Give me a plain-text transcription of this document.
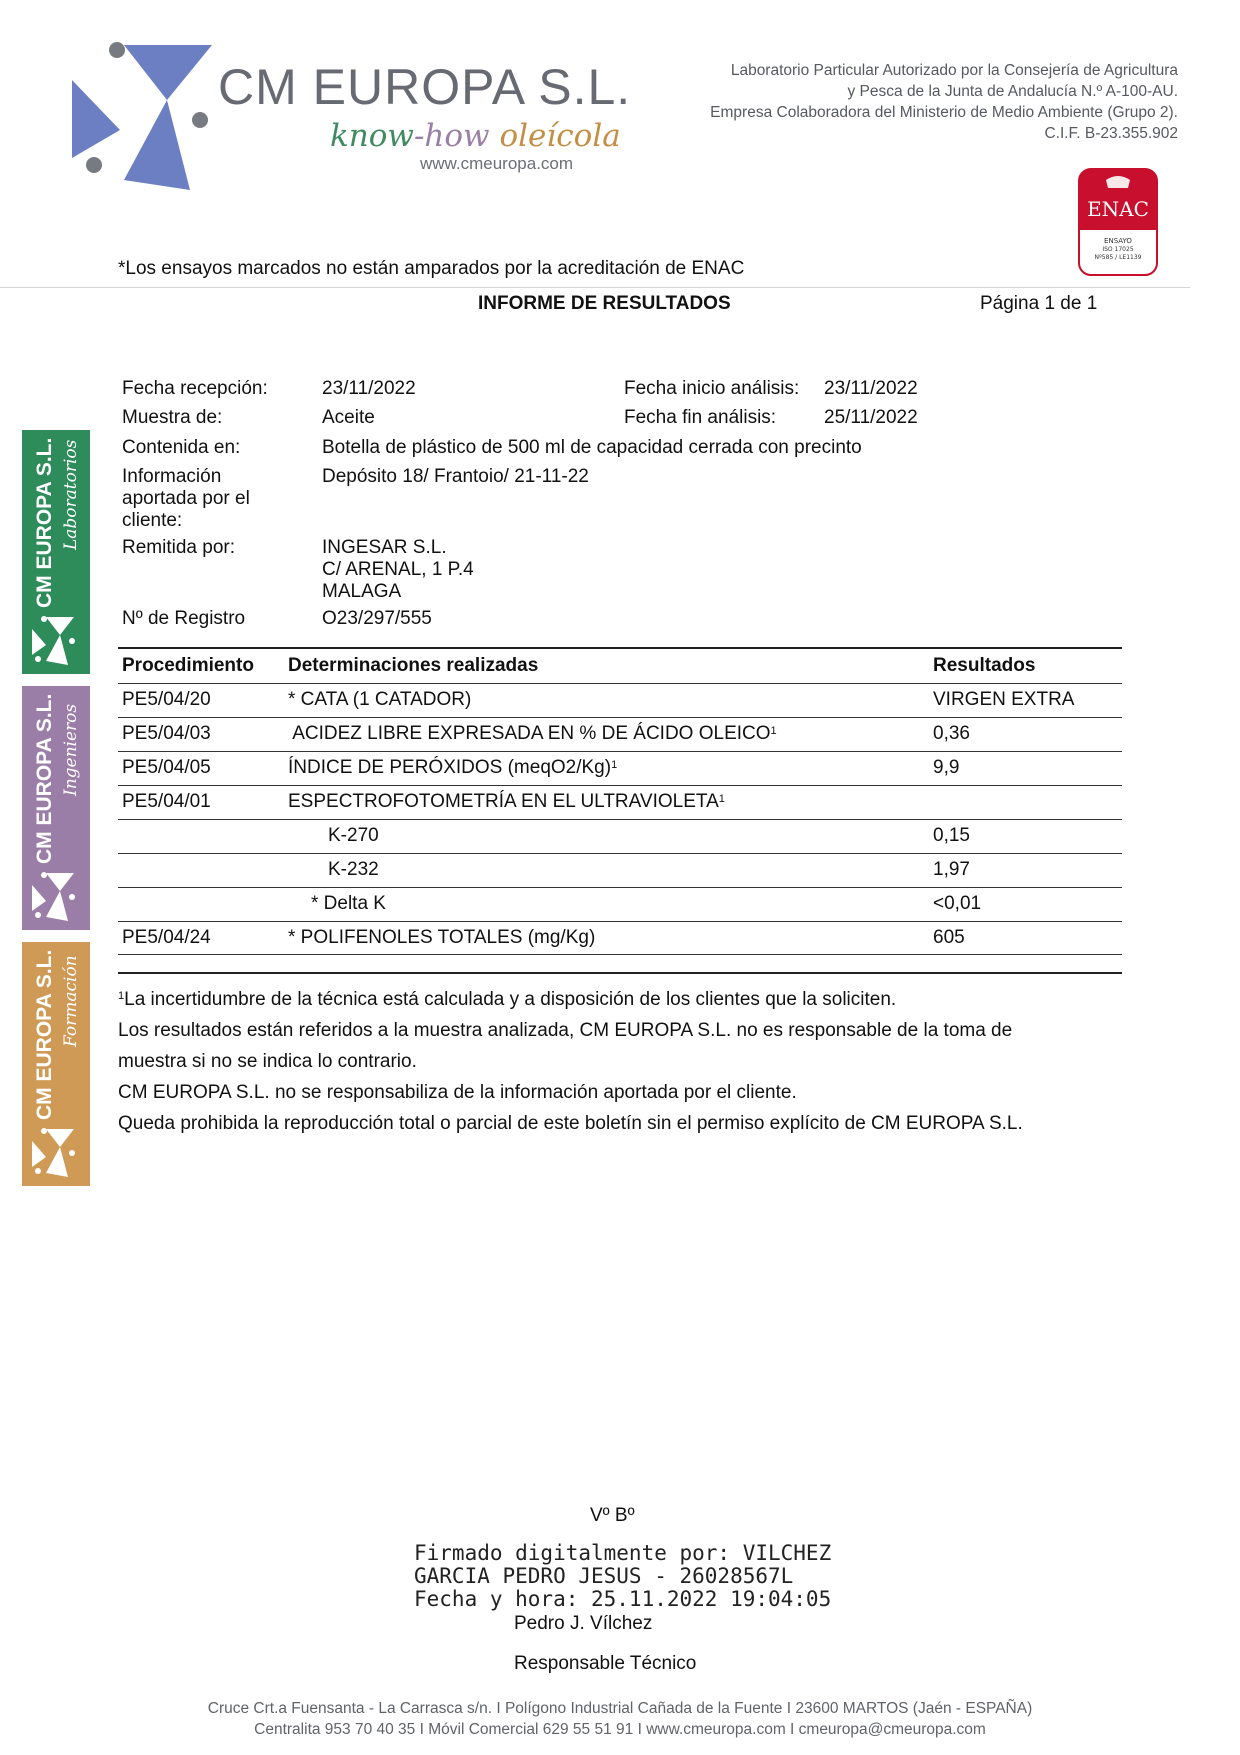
CM EUROPA S.L.
know-how oleícola
www.cmeuropa.com
Laboratorio Particular Autorizado por la Consejería de Agricultura
y Pesca de la Junta de Andalucía N.º A-100-AU.
Empresa Colaboradora del Ministerio de Medio Ambiente (Grupo 2).
C.I.F. B-23.355.902
ENAC
ENSAYO
ISO 17025
Nº585 / LE1139
*Los ensayos marcados no están amparados por la acreditación de ENAC
INFORME DE RESULTADOS	Página 1 de 1
CM EUROPA S.L. Laboratorios
CM EUROPA S.L. Ingenieros
CM EUROPA S.L. Formación
Fecha recepción:	23/11/2022	Fecha inicio análisis: 23/11/2022
Muestra de:	Aceite	Fecha fin análisis:	25/11/2022
Contenida en:	Botella de plástico de 500 ml de capacidad cerrada con precinto
Información
aportada por el
cliente:
Depósito 18/ Frantoio/ 21-11-22
Remitida por:	INGESAR S.L.
C/ ARENAL, 1 P.4
MALAGA
Nº de Registro	O23/297/555
Procedimiento Determinaciones realizadas	Resultados
PE5/04/20	* CATA (1 CATADOR)	VIRGEN EXTRA
PE5/04/03	ACIDEZ LIBRE EXPRESADA EN % DE ÁCIDO OLEICO$^1$	0,36
PE5/04/05	ÍNDICE DE PERÓXIDOS (meqO2/Kg)$^1$	9,9
PE5/04/01	ESPECTROFOTOMETRÍA EN EL ULTRAVIOLETA$^1$
K-270	0,15
K-232	1,97
* Delta K	<0,01
PE5/04/24	* POLIFENOLES TOTALES (mg/Kg)	605
$^1$La incertidumbre de la técnica está calculada y a disposición de los clientes que la soliciten.
Los resultados están referidos a la muestra analizada, CM EUROPA S.L. no es responsable de la toma de
muestra si no se indica lo contrario.
CM EUROPA S.L. no se responsabiliza de la información aportada por el cliente.
Queda prohibida la reproducción total o parcial de este boletín sin el permiso explícito de CM EUROPA S.L.
Vº Bº
Firmado digitalmente por: VILCHEZ
GARCIA PEDRO JESUS - 26028567L
Fecha y hora: 25.11.2022 19:04:05
Pedro J. Vílchez
Responsable Técnico
Cruce Crt.a Fuensanta - La Carrasca s/n. I Polígono Industrial Cañada de la Fuente I 23600 MARTOS (Jaén - ESPAÑA)
Centralita 953 70 40 35 I Móvil Comercial 629 55 51 91 I www.cmeuropa.com I cmeuropa@cmeuropa.com
